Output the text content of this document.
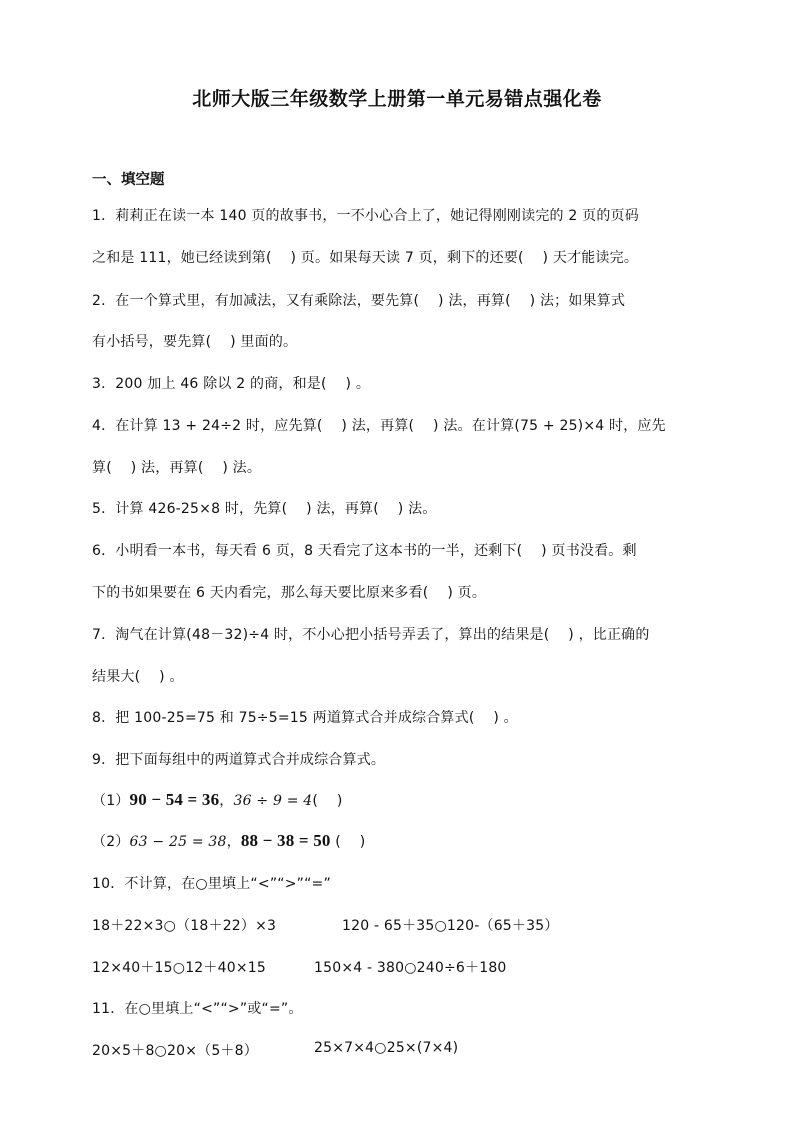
北师大版三年级数学上册第一单元易错点强化卷
一、填空题
1．莉莉正在读一本 140 页的故事书，一不小心合上了，她记得刚刚读完的 2 页的页码
之和是 111，她已经读到第(　 ) 页。如果每天读 7 页，剩下的还要(　 ) 天才能读完。
2．在一个算式里，有加减法，又有乘除法，要先算(　 ) 法，再算(　 ) 法；如果算式
有小括号，要先算(　 ) 里面的。
3．200 加上 46 除以 2 的商，和是(　 ) 。
4．在计算 13 + 24÷2 时，应先算(　 ) 法，再算(　 ) 法。在计算(75 + 25)×4 时，应先
算(　 ) 法，再算(　 ) 法。
5．计算 426-25×8 时，先算(　 ) 法，再算(　 ) 法。
6．小明看一本书，每天看 6 页，8 天看完了这本书的一半，还剩下(　 ) 页书没看。剩
下的书如果要在 6 天内看完，那么每天要比原来多看(　 ) 页。
7．淘气在计算(48－32)÷4 时，不小心把小括号弄丢了，算出的结果是(　 ) ，比正确的
结果大(　 ) 。
8．把 100-25=75 和 75÷5=15 两道算式合并成综合算式(　 ) 。
9．把下面每组中的两道算式合并成综合算式。
（1）90 − 54 = 36，36 ÷ 9 = 4(　 )
（2）63 − 25 = 38，88 − 38 = 50 (　 )
10．不计算，在○里填上“<”“>”“=”
18＋22×3○（18＋22）×3	120 - 65＋35○120-（65＋35）
12×40＋15○12＋40×15	150×4 - 380○240÷6＋180
11．在○里填上“<”“>”或“=”。
20×5＋8○20×（5＋8）	25×7×4○25×(7×4)
